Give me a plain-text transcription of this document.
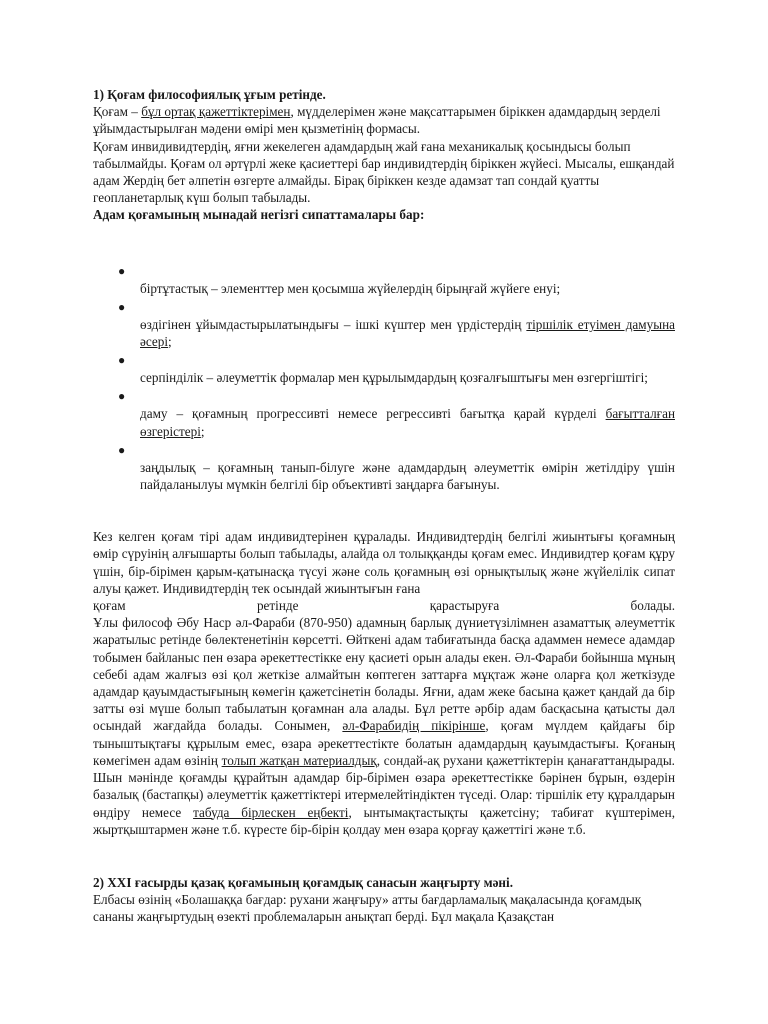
1) Қоғам философиялық ұғым ретінде.

Қоғам – бұл ортақ қажеттіктерімен, мүдделерімен және мақсаттарымен біріккен адамдардың зерделі ұйымдастырылған мәдени өмірі мен қызметінің формасы.

Қоғам инвидивидтердің, яғни жекелеген адамдардың жай ғана механикалық қосындысы болып табылмайды. Қоғам ол әртүрлі жеке қасиеттері бар индивидтердің біріккен жүйесі. Мысалы, ешқандай адам Жердің бет әлпетін өзгерте алмайды. Бірақ біріккен кезде адамзат тап сондай қуатты геопланетарлық күш болып табылады.

Адам қоғамының мынадай негізгі сипаттамалары бар:

●
біртұтастық – элементтер мен қосымша жүйелердің бірыңғай жүйеге енуі;
●
өздігінен ұйымдастырылатындығы – ішкі күштер мен үрдістердің тіршілік етуімен дамуына әсері;
●
серпінділік – әлеуметтік формалар мен құрылымдардың қозғалғыштығы мен өзгергіштігі;
●
даму – қоғамның прогрессивті немесе регрессивті бағытқа қарай күрделі бағытталған өзгерістері;
●
заңдылық – қоғамның танып-білуге және адамдардың әлеуметтік өмірін жетілдіру үшін пайдаланылуы мүмкін белгілі бір объективті заңдарға бағынуы.

Кез келген қоғам тірі адам индивидтерінен құралады. Индивидтердің белгілі жиынтығы қоғамның өмір сүруінің алғышарты болып табылады, алайда ол толыққанды қоғам емес. Индивидтер қоғам құру үшін, бір-бірімен қарым-қатынасқа түсуі және соль қоғамның өзі орнықтылық және жүйелілік сипат алуы қажет. Индивидтердің тек осындай жиынтығын ғана

қоғам ретінде қарастыруға болады.

Ұлы философ Әбу Наср әл-Фараби (870-950) адамның барлық дүниетүзілімнен азаматтық әлеуметтік жаратылыс ретінде бөлектенетінін көрсетті. Өйткені адам табиғатында басқа адаммен немесе адамдар тобымен байланыс пен өзара әрекеттестікке ену қасиеті орын алады екен. Әл-Фараби бойынша мұның себебі адам жалғыз өзі қол жеткізе алмайтын көптеген заттарға мұқтаж және оларға қол жеткізуде адамдар қауымдастығының көмегін қажетсінетін болады. Яғни, адам жеке басына қажет қандай да бір затты өзі мүше болып табылатын қоғамнан ала алады. Бұл ретте әрбір адам басқасына қатысты дәл осындай жағдайда болады. Сонымен, әл-Фарабидің пікірінше, қоғам мүлдем қайдағы бір тыныштықтағы құрылым емес, өзара әрекеттестікте болатын адамдардың қауымдастығы. Қоғаның көмегімен адам өзінің толып жатқан материалдық, сондай-ақ рухани қажеттіктерін қанағаттандырады. Шын мәнінде қоғамды құрайтын адамдар бір-бірімен өзара әрекеттестікке бәрінен бұрын, өздерін базалық (бастапқы) әлеуметтік қажеттіктері итермелейтіндіктен түседі. Олар: тіршілік ету құралдарын өндіру немесе табуда бірлескен еңбекті, ынтымақтастықты қажетсіну; табиғат күштерімен, жыртқыштармен және т.б. күресте бір-бірін қолдау мен өзара қорғау қажеттігі және т.б.

2) XXI ғасырды қазақ қоғамының қоғамдық санасын жаңғырту мәні.

Елбасы өзінің «Болашаққа бағдар: рухани жаңғыру» атты бағдарламалық мақаласында қоғамдық сананы жаңғыртудың өзекті проблемаларын анықтап берді. Бұл мақала Қазақстан
